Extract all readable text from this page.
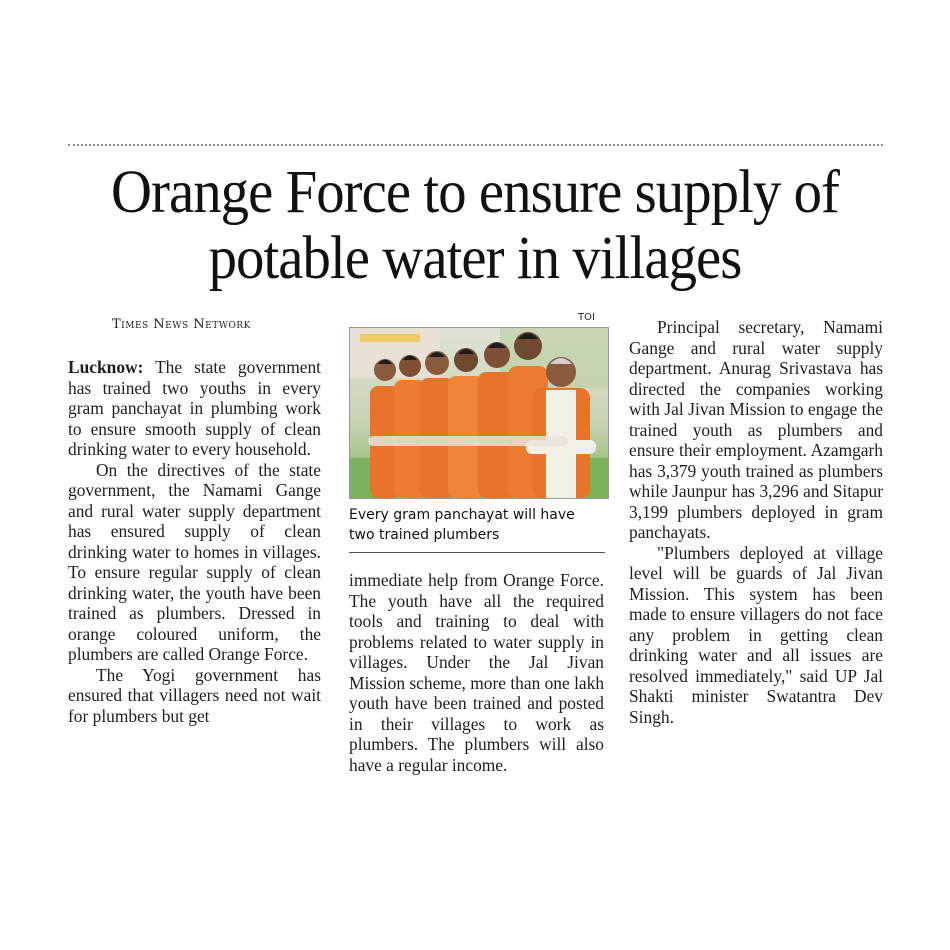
Orange Force to ensure supply of potable water in villages
Times News Network

Lucknow: The state government has trained two youths in every gram panchayat in plumbing work to ensure smooth supply of clean drinking water to every household.

On the directives of the state government, the Namami Gange and rural water supply department has ensured supply of clean drinking water to homes in villages. To ensure regular supply of clean drinking water, the youth have been trained as plumbers. Dressed in orange coloured uniform, the plumbers are called Orange Force.

The Yogi government has ensured that villagers need not wait for plumbers but get

TOI
Every gram panchayat will have two trained plumbers

immediate help from Orange Force. The youth have all the required tools and training to deal with problems related to water supply in villages. Under the Jal Jivan Mission scheme, more than one lakh youth have been trained and posted in their villages to work as plumbers. The plumbers will also have a regular income.

Principal secretary, Namami Gange and rural water supply department. Anurag Srivastava has directed the companies working with Jal Jivan Mission to engage the trained youth as plumbers and ensure their employment. Azamgarh has 3,379 youth trained as plumbers while Jaunpur has 3,296 and Sitapur 3,199 plumbers deployed in gram panchayats.

"Plumbers deployed at village level will be guards of Jal Jivan Mission. This system has been made to ensure villagers do not face any problem in getting clean drinking water and all issues are resolved immediately," said UP Jal Shakti minister Swatantra Dev Singh.
